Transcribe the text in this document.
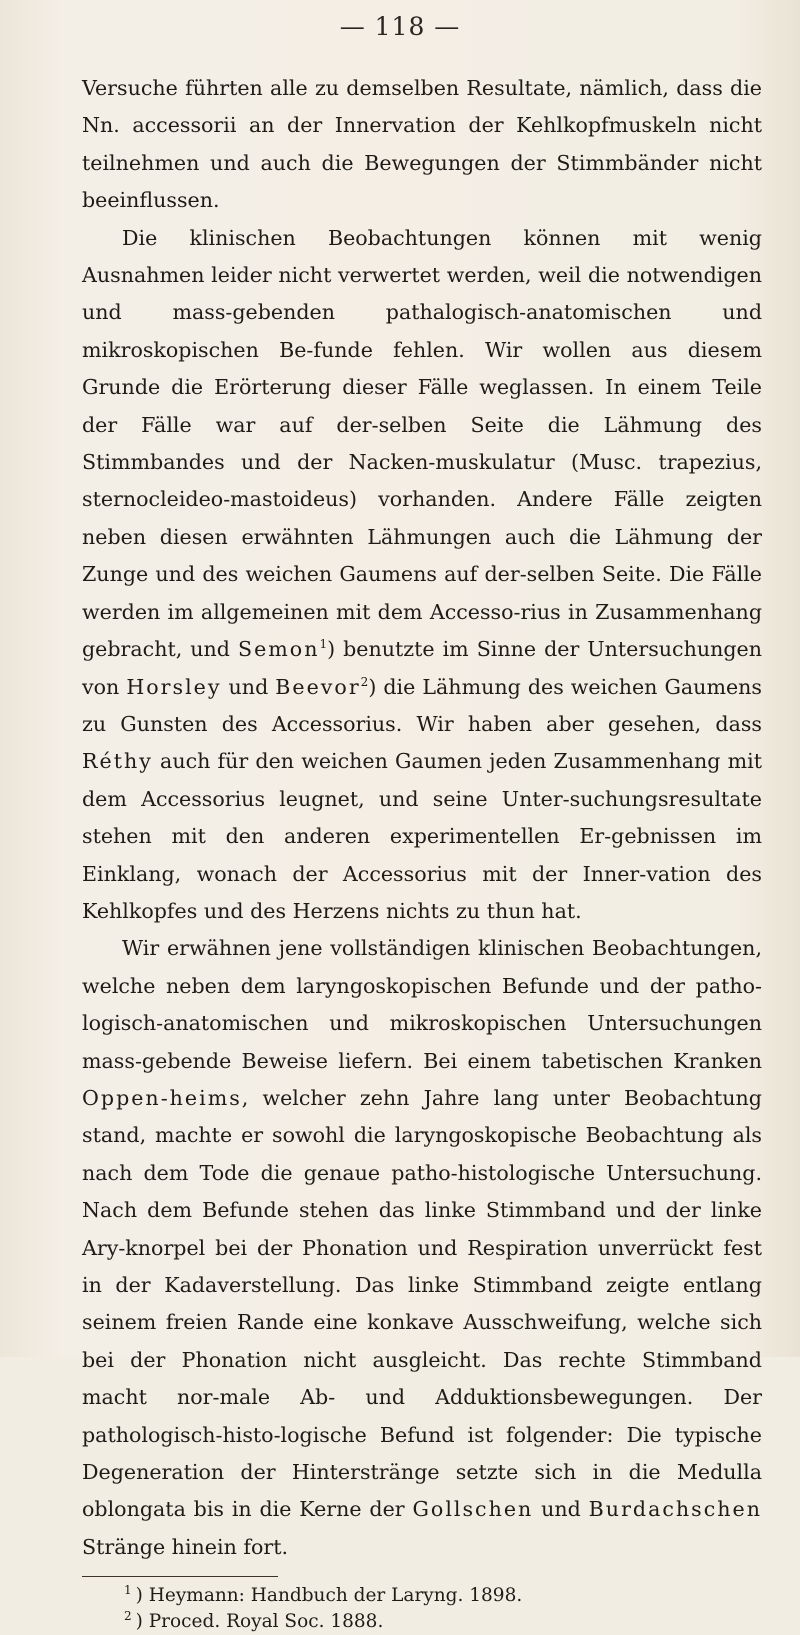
— 118 —

Versuche führten alle zu demselben Resultate, nämlich, dass die Nn. accessorii an der Innervation der Kehlkopfmuskeln nicht teilnehmen und auch die Bewegungen der Stimmbänder nicht beeinflussen.

Die klinischen Beobachtungen können mit wenig Ausnahmen leider nicht verwertet werden, weil die notwendigen und mass-gebenden pathalogisch-anatomischen und mikroskopischen Be-funde fehlen. Wir wollen aus diesem Grunde die Erörterung dieser Fälle weglassen. In einem Teile der Fälle war auf der-selben Seite die Lähmung des Stimmbandes und der Nacken-muskulatur (Musc. trapezius, sternocleideo-mastoideus) vorhanden. Andere Fälle zeigten neben diesen erwähnten Lähmungen auch die Lähmung der Zunge und des weichen Gaumens auf der-selben Seite. Die Fälle werden im allgemeinen mit dem Accesso-rius in Zusammenhang gebracht, und Semon$^1$) benutzte im Sinne der Untersuchungen von Horsley und Beevor$^2$) die Lähmung des weichen Gaumens zu Gunsten des Accessorius. Wir haben aber gesehen, dass Réthy auch für den weichen Gaumen jeden Zusammenhang mit dem Accessorius leugnet, und seine Unter-suchungsresultate stehen mit den anderen experimentellen Er-gebnissen im Einklang, wonach der Accessorius mit der Inner-vation des Kehlkopfes und des Herzens nichts zu thun hat.

Wir erwähnen jene vollständigen klinischen Beobachtungen, welche neben dem laryngoskopischen Befunde und der patho-logisch-anatomischen und mikroskopischen Untersuchungen mass-gebende Beweise liefern. Bei einem tabetischen Kranken Oppen-heims, welcher zehn Jahre lang unter Beobachtung stand, machte er sowohl die laryngoskopische Beobachtung als nach dem Tode die genaue patho-histologische Untersuchung. Nach dem Befunde stehen das linke Stimmband und der linke Ary-knorpel bei der Phonation und Respiration unverrückt fest in der Kadaverstellung. Das linke Stimmband zeigte entlang seinem freien Rande eine konkave Ausschweifung, welche sich bei der Phonation nicht ausgleicht. Das rechte Stimmband macht nor-male Ab- und Adduktionsbewegungen. Der pathologisch-histo-logische Befund ist folgender: Die typische Degeneration der Hinterstränge setzte sich in die Medulla oblongata bis in die Kerne der Gollschen und Burdachschen Stränge hinein fort.

$^1$ ) Heymann: Handbuch der Laryng. 1898.

$^2$ ) Proced. Royal Soc. 1888.
